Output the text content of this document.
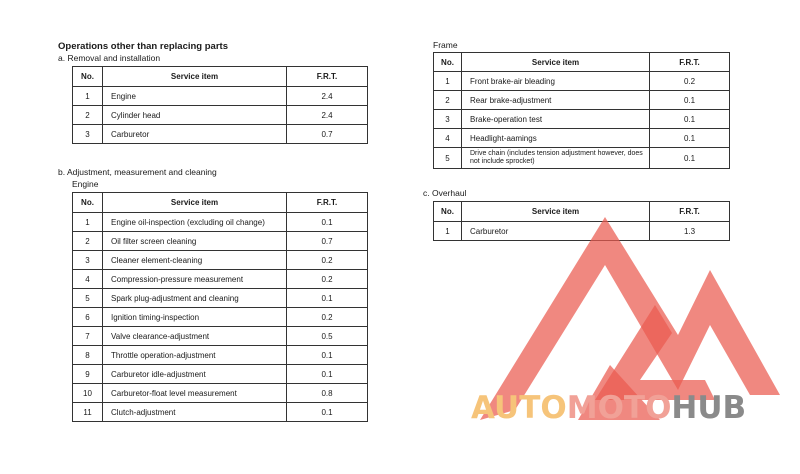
Operations other than replacing parts
a. Removal and installation
No.	Service item	F.R.T.
1	Engine	2.4
2	Cylinder head	2.4
3	Carburetor	0.7
b. Adjustment, measurement and cleaning
Engine
No.	Service item	F.R.T.
1	Engine oil-inspection (excluding oil change)	0.1
2	Oil filter screen cleaning	0.7
3	Cleaner element-cleaning	0.2
4	Compression-pressure measurement	0.2
5	Spark plug-adjustment and cleaning	0.1
6	Ignition timing-inspection	0.2
7	Valve clearance-adjustment	0.5
8	Throttle operation-adjustment	0.1
9	Carburetor idle-adjustment	0.1
10	Carburetor-float level measurement	0.8
11	Clutch-adjustment	0.1
Frame
No.	Service item	F.R.T.
1	Front brake-air bleading	0.2
2	Rear brake-adjustment	0.1
3	Brake-operation test	0.1
4	Headlight-aamings	0.1
5	Drive chain (includes tension adjustment however, does not include sprocket)	0.1
c. Overhaul
No.	Service item	F.R.T.
1	Carburetor	1.3
AUTOMOTOHUB
